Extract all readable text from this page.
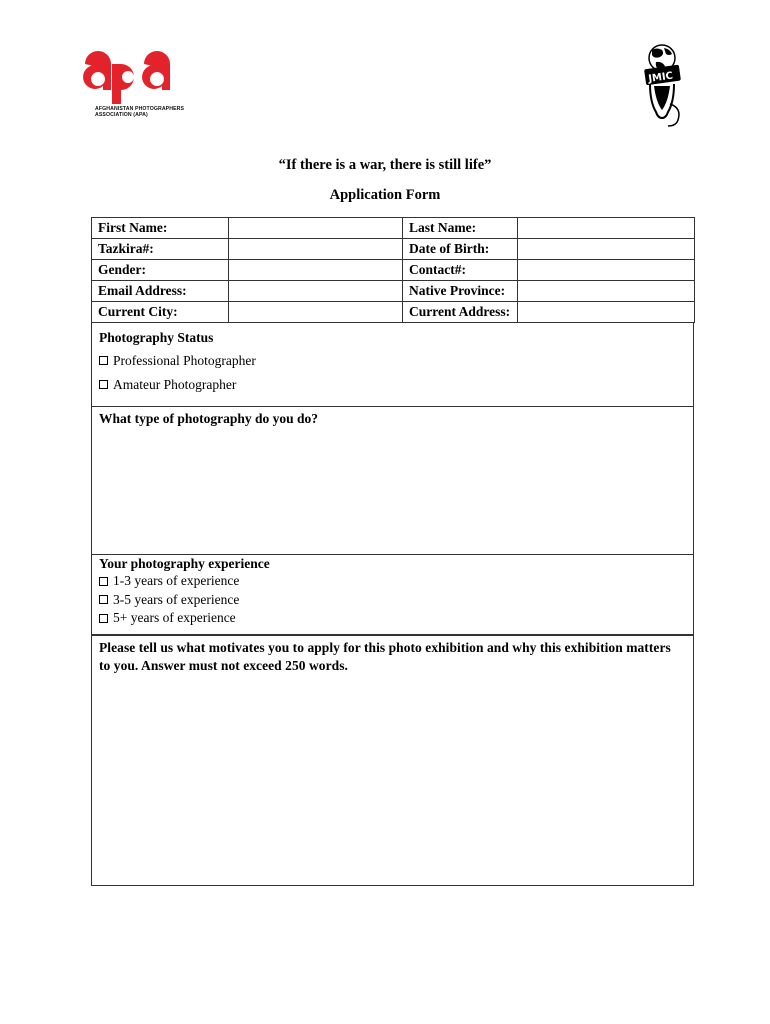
AFGHANISTAN PHOTOGRAPHERS
ASSOCIATION (APA)
JMIC
“If there is a war, there is still life”
Application Form
First Name:		Last Name:	
Tazkira#:		Date of Birth:	
Gender:		Contact#:	
Email Address:		Native Province:	
Current City:		Current Address:	
Photography Status
Professional Photographer
Amateur Photographer
What type of photography do you do?
Your photography experience
1-3 years of experience
3-5 years of experience
5+ years of experience
Please tell us what motivates you to apply for this photo exhibition and why this exhibition matters to you. Answer must not exceed 250 words.
